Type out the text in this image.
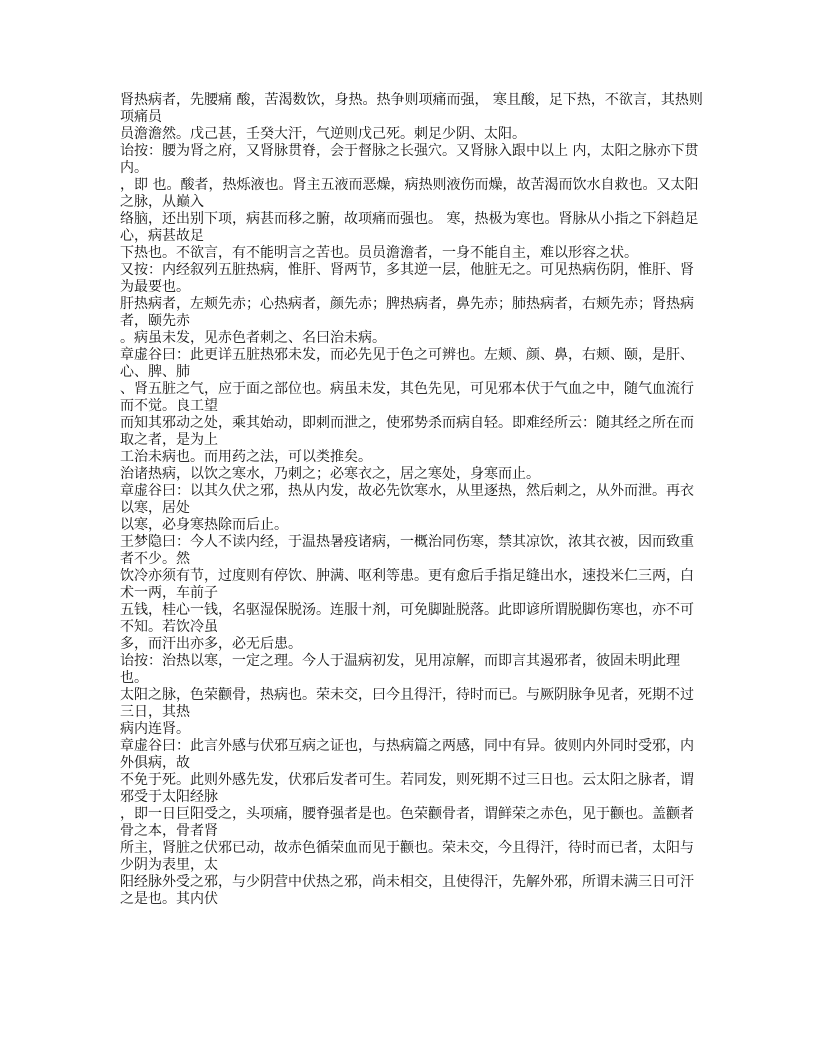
肾热病者，先腰痛 酸，苦渴数饮，身热。热争则项痛而强， 寒且酸，足下热，不欲言，其热则项痛员

员澹澹然。戊己甚，壬癸大汗，气逆则戊己死。刺足少阴、太阳。

诒按：腰为肾之府，又肾脉贯脊，会于督脉之长强穴。又肾脉入跟中以上 内，太阳之脉亦下贯内。

，即 也。酸者，热烁液也。肾主五液而恶燥，病热则液伤而燥，故苦渴而饮水自救也。又太阳之脉，从巅入

络脑，还出别下项，病甚而移之腑，故项痛而强也。 寒，热极为寒也。肾脉从小指之下斜趋足心，病甚故足

下热也。不欲言，有不能明言之苦也。员员澹澹者，一身不能自主，难以形容之状。

又按：内经叙列五脏热病，惟肝、肾两节，多其逆一层，他脏无之。可见热病伤阴，惟肝、肾为最要也。

肝热病者，左颊先赤；心热病者，颜先赤；脾热病者，鼻先赤；肺热病者，右颊先赤；肾热病者，颐先赤

。病虽未发，见赤色者刺之、名曰治未病。

章虚谷曰：此更详五脏热邪未发，而必先见于色之可辨也。左颊、颜、鼻，右颊、颐，是肝、心、脾、肺

、肾五脏之气，应于面之部位也。病虽未发，其色先见，可见邪本伏于气血之中，随气血流行而不觉。良工望

而知其邪动之处，乘其始动，即刺而泄之，使邪势杀而病自轻。即难经所云：随其经之所在而取之者，是为上

工治未病也。而用药之法，可以类推矣。

治诸热病，以饮之寒水，乃刺之；必寒衣之，居之寒处，身寒而止。

章虚谷曰：以其久伏之邪，热从内发，故必先饮寒水，从里逐热，然后刺之，从外而泄。再衣以寒，居处

以寒，必身寒热除而后止。

王梦隐曰：今人不读内经，于温热暑疫诸病，一概治同伤寒，禁其凉饮，浓其衣被，因而致重者不少。然

饮冷亦须有节，过度则有停饮、肿满、呕利等患。更有愈后手指足缝出水，速投米仁三两，白术一两，车前子

五钱，桂心一钱，名驱湿保脱汤。连服十剂，可免脚趾脱落。此即谚所谓脱脚伤寒也，亦不可不知。若饮冷虽

多，而汗出亦多，必无后患。

诒按：治热以寒，一定之理。今人于温病初发，见用凉解，而即言其遏邪者，彼固未明此理也。

太阳之脉，色荣颧骨，热病也。荣未交，曰今且得汗，待时而已。与厥阴脉争见者，死期不过三日，其热

病内连肾。

章虚谷曰：此言外感与伏邪互病之证也，与热病篇之两感，同中有异。彼则内外同时受邪，内外俱病，故

不免于死。此则外感先发，伏邪后发者可生。若同发，则死期不过三日也。云太阳之脉者，谓邪受于太阳经脉

，即一日巨阳受之，头项痛，腰脊强者是也。色荣颧骨者，谓鲜荣之赤色，见于颧也。盖颧者骨之本，骨者肾

所主，肾脏之伏邪已动，故赤色循荣血而见于颧也。荣未交，今且得汗，待时而已者，太阳与少阴为表里，太

阳经脉外受之邪，与少阴营中伏热之邪，尚未相交，且使得汗，先解外邪，所谓未满三日可汗之是也。其内伏
